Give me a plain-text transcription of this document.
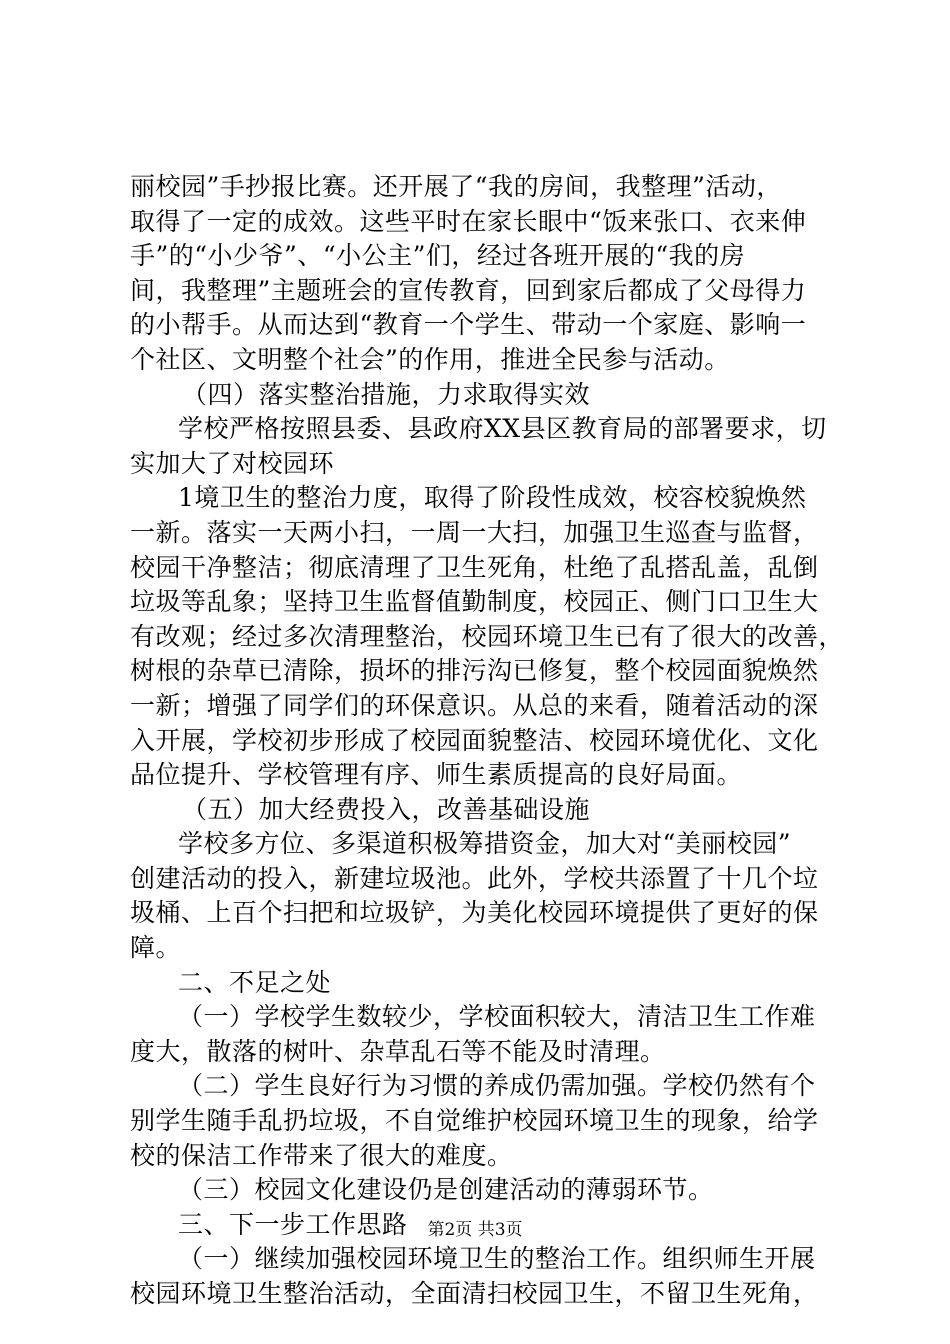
丽校园”手抄报比赛。还开展了“我的房间，我整理”活动，
取得了一定的成效。这些平时在家长眼中“饭来张口、衣来伸
手”的“小少爷”、“小公主”们，经过各班开展的“我的房
间，我整理”主题班会的宣传教育，回到家后都成了父母得力
的小帮手。从而达到“教育一个学生、带动一个家庭、影响一
个社区、文明整个社会”的作用，推进全民参与活动。
（四）落实整治措施，力求取得实效
学校严格按照县委、县政府XX县区教育局的部署要求，切
实加大了对校园环
1境卫生的整治力度，取得了阶段性成效，校容校貌焕然
一新。落实一天两小扫，一周一大扫，加强卫生巡查与监督，
校园干净整洁；彻底清理了卫生死角，杜绝了乱搭乱盖，乱倒
垃圾等乱象；坚持卫生监督值勤制度，校园正、侧门口卫生大
有改观；经过多次清理整治，校园环境卫生已有了很大的改善，
树根的杂草已清除，损坏的排污沟已修复，整个校园面貌焕然
一新；增强了同学们的环保意识。从总的来看，随着活动的深
入开展，学校初步形成了校园面貌整洁、校园环境优化、文化
品位提升、学校管理有序、师生素质提高的良好局面。
（五）加大经费投入，改善基础设施
学校多方位、多渠道积极筹措资金，加大对“美丽校园”
创建活动的投入，新建垃圾池。此外，学校共添置了十几个垃
圾桶、上百个扫把和垃圾铲，为美化校园环境提供了更好的保
障。
二、不足之处
（一）学校学生数较少，学校面积较大，清洁卫生工作难
度大，散落的树叶、杂草乱石等不能及时清理。
（二）学生良好行为习惯的养成仍需加强。学校仍然有个
别学生随手乱扔垃圾，不自觉维护校园环境卫生的现象，给学
校的保洁工作带来了很大的难度。
（三）校园文化建设仍是创建活动的薄弱环节。
三、下一步工作思路
（一）继续加强校园环境卫生的整治工作。组织师生开展
校园环境卫生整治活动，全面清扫校园卫生，不留卫生死角，
第2页 共3页
